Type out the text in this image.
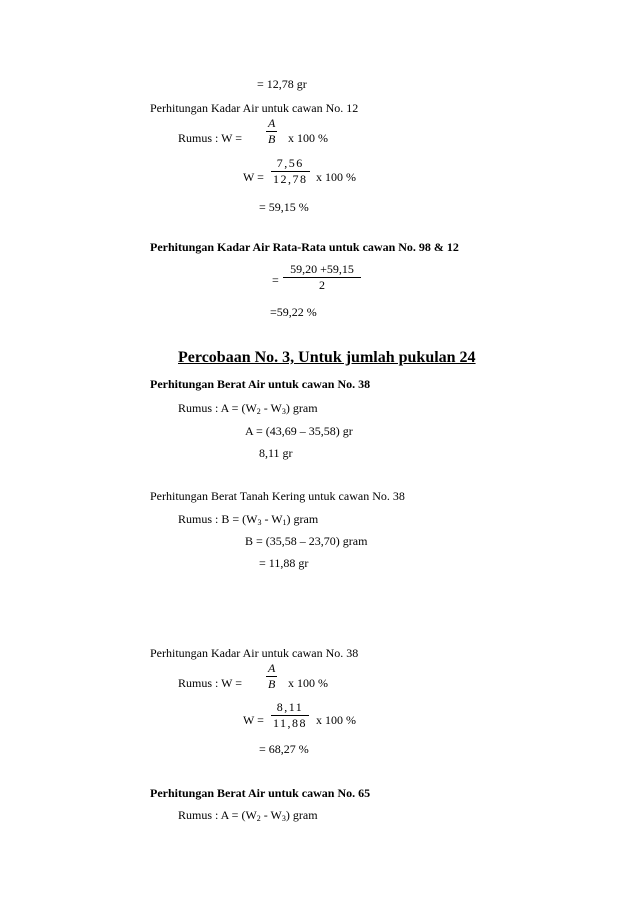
= 12,78 gr
Perhitungan Kadar Air untuk cawan No. 12
Rumus : W =
A
B x 100 %
W =
7,56
12,78 x 100 %
= 59,15 %
Perhitungan Kadar Air Rata-Rata untuk cawan No. 98 & 12
=
59,20 +59,15
2
=59,22 %
Percobaan No. 3, Untuk jumlah pukulan 24
Perhitungan Berat Air untuk cawan No. 38
Rumus : $A = (W_2 - W_3)$ gram
A = (43,69 – 35,58) gr
8,11 gr
Perhitungan Berat Tanah Kering untuk cawan No. 38
Rumus : $B = (W_3 - W_1)$ gram
B = (35,58 – 23,70) gram
= 11,88 gr
Perhitungan Kadar Air untuk cawan No. 38
Rumus : W =
A
B x 100 %
W =
8,11
11,88 x 100 %
= 68,27 %
Perhitungan Berat Air untuk cawan No. 65
Rumus : $A = (W_2 - W_3)$ gram
